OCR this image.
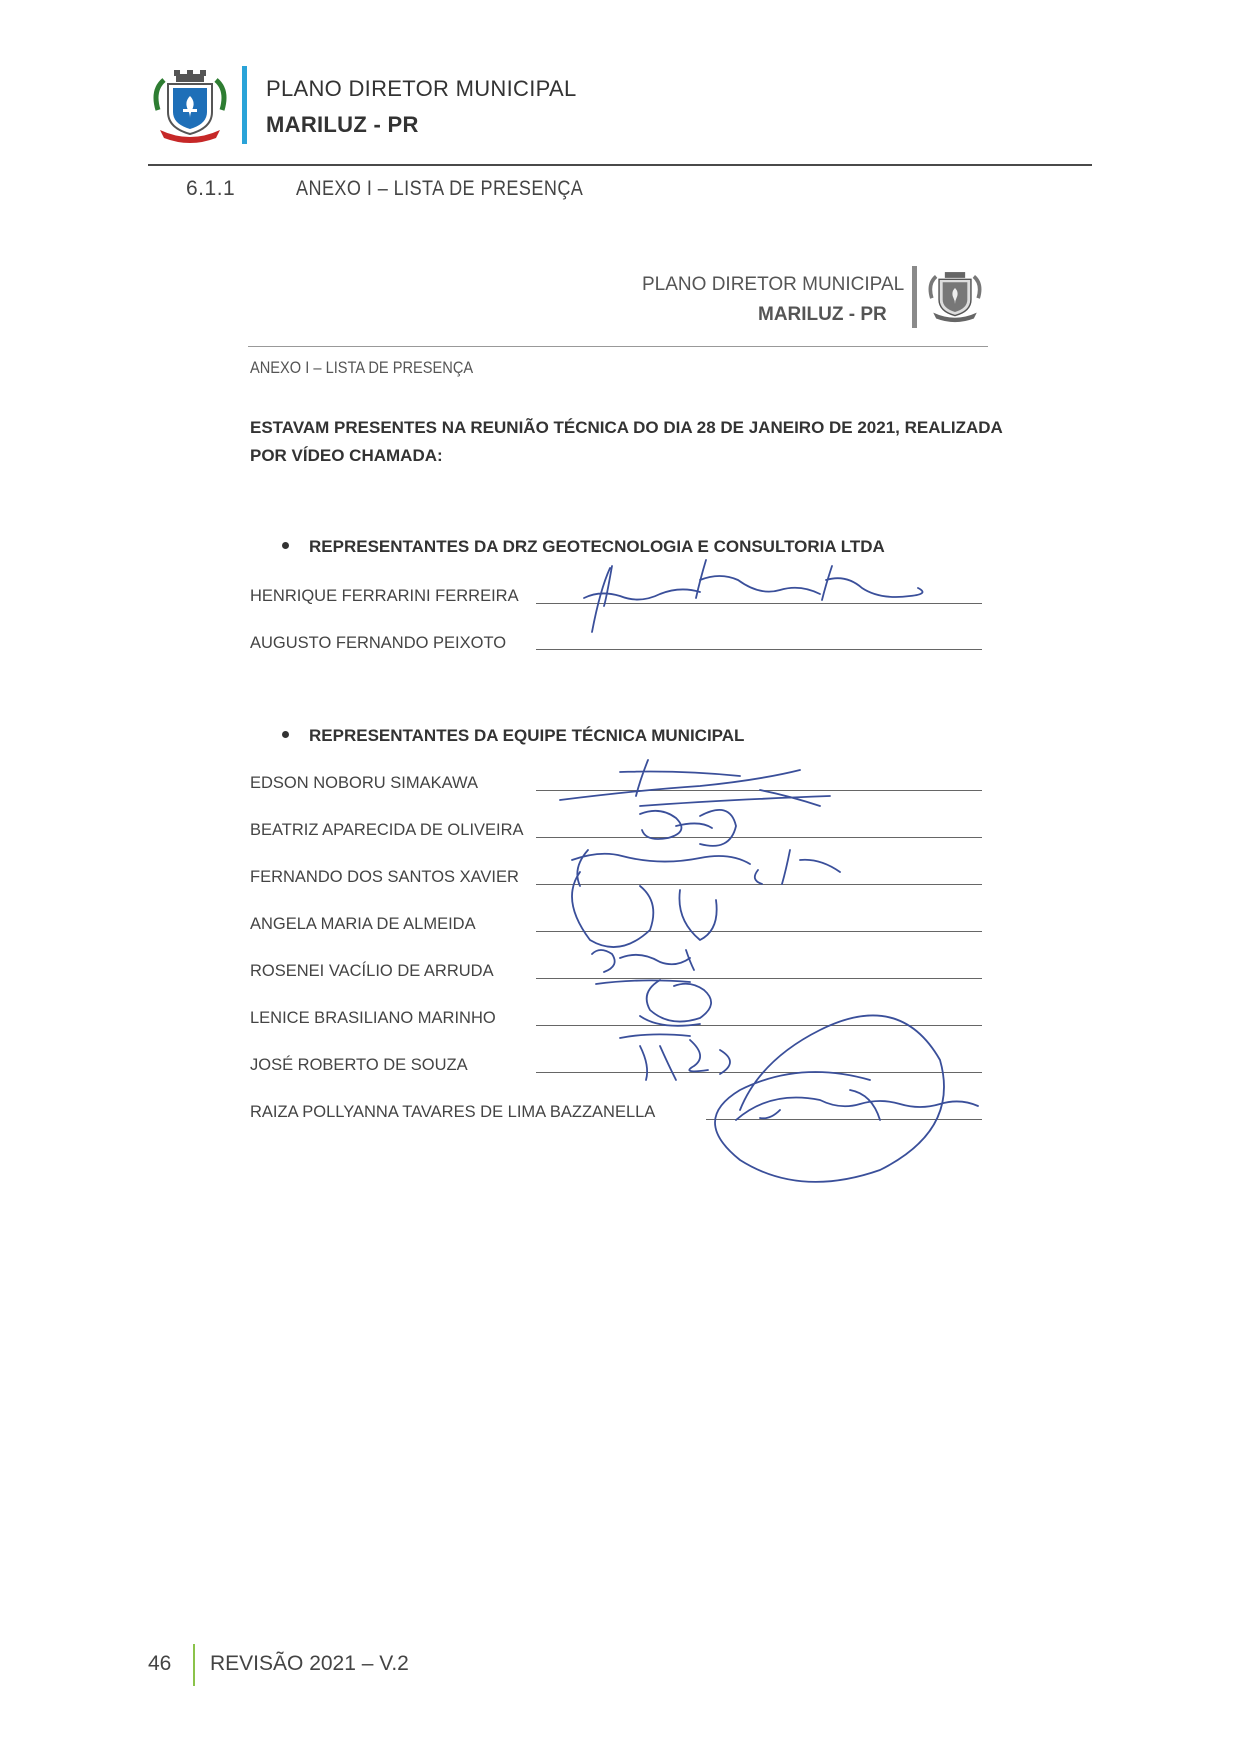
PLANO DIRETOR MUNICIPAL
MARILUZ - PR
6.1.1	ANEXO I – LISTA DE PRESENÇA
PLANO DIRETOR MUNICIPAL
MARILUZ - PR
ANEXO I – LISTA DE PRESENÇA
ESTAVAM PRESENTES NA REUNIÃO TÉCNICA DO DIA 28 DE JANEIRO DE 2021, REALIZADA POR VÍDEO CHAMADA:
REPRESENTANTES DA DRZ GEOTECNOLOGIA E CONSULTORIA LTDA
HENRIQUE FERRARINI FERREIRA
AUGUSTO FERNANDO PEIXOTO
REPRESENTANTES DA EQUIPE TÉCNICA MUNICIPAL
EDSON NOBORU SIMAKAWA
BEATRIZ APARECIDA DE OLIVEIRA
FERNANDO DOS SANTOS XAVIER
ANGELA MARIA DE ALMEIDA
ROSENEI VACÍLIO DE ARRUDA
LENICE BRASILIANO MARINHO
JOSÉ ROBERTO DE SOUZA
RAIZA POLLYANNA TAVARES DE LIMA BAZZANELLA
46 REVISÃO 2021 – V.2
